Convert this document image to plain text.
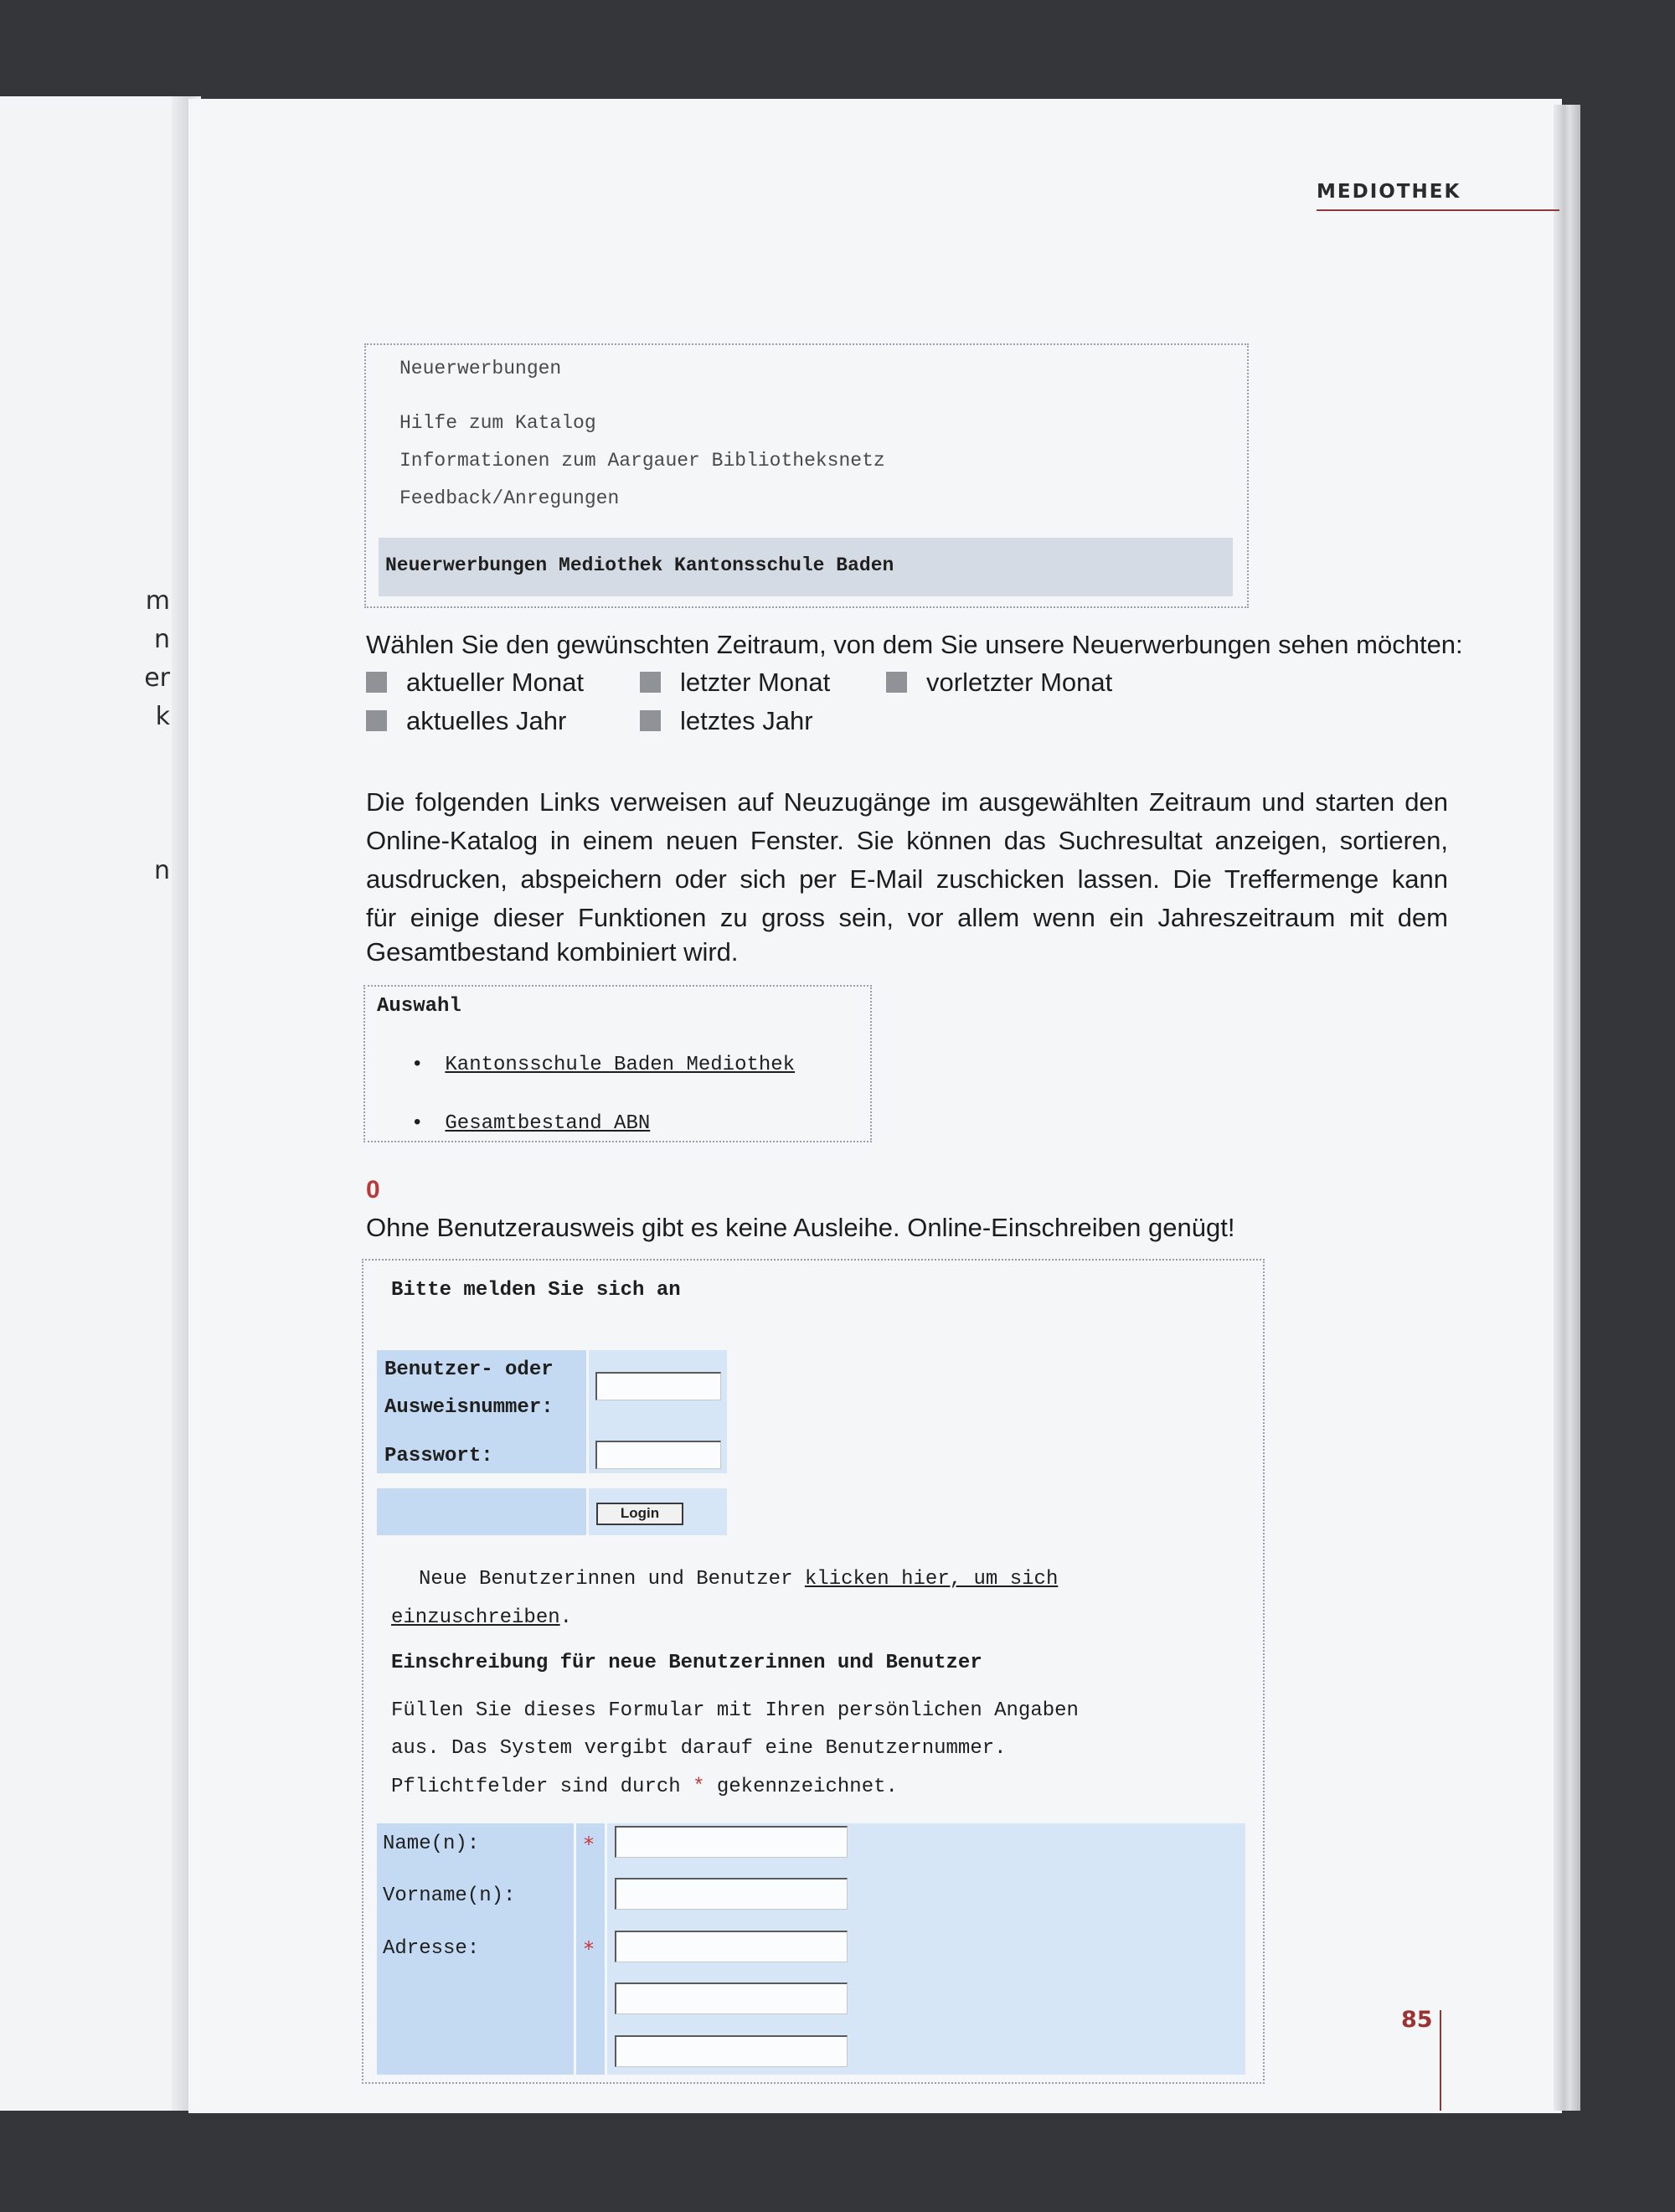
m
n
er
k
n
MEDIOTHEK
Neuerwerbungen
Hilfe zum Katalog
Informationen zum Aargauer Bibliotheksnetz
Feedback/Anregungen
Neuerwerbungen Mediothek Kantonsschule Baden
Wählen Sie den gewünschten Zeitraum, von dem Sie unsere Neuerwerbungen sehen möchten:
aktueller Monat	letzter Monat	vorletzter Monat
aktuelles Jahr	letztes Jahr
Die folgenden Links verweisen auf Neuzugänge im ausgewählten Zeitraum und starten den
Online-Katalog in einem neuen Fenster. Sie können das Suchresultat anzeigen, sortieren,
ausdrucken, abspeichern oder sich per E-Mail zuschicken lassen. Die Treffermenge kann
für einige dieser Funktionen zu gross sein, vor allem wenn ein Jahreszeitraum mit dem
Gesamtbestand kombiniert wird.
Auswahl
• Kantonsschule Baden Mediothek
• Gesamtbestand ABN
0
Ohne Benutzerausweis gibt es keine Ausleihe. Online-Einschreiben genügt!
Bitte melden Sie sich an
Benutzer- oder
Ausweisnummer:
Passwort:
Login
Neue Benutzerinnen und Benutzer klicken hier, um sich
einzuschreiben.
Einschreibung für neue Benutzerinnen und Benutzer
Füllen Sie dieses Formular mit Ihren persönlichen Angaben
aus. Das System vergibt darauf eine Benutzernummer.
Pflichtfelder sind durch * gekennzeichnet.
Name(n):	*
Vorname(n):
Adresse:	*
85
